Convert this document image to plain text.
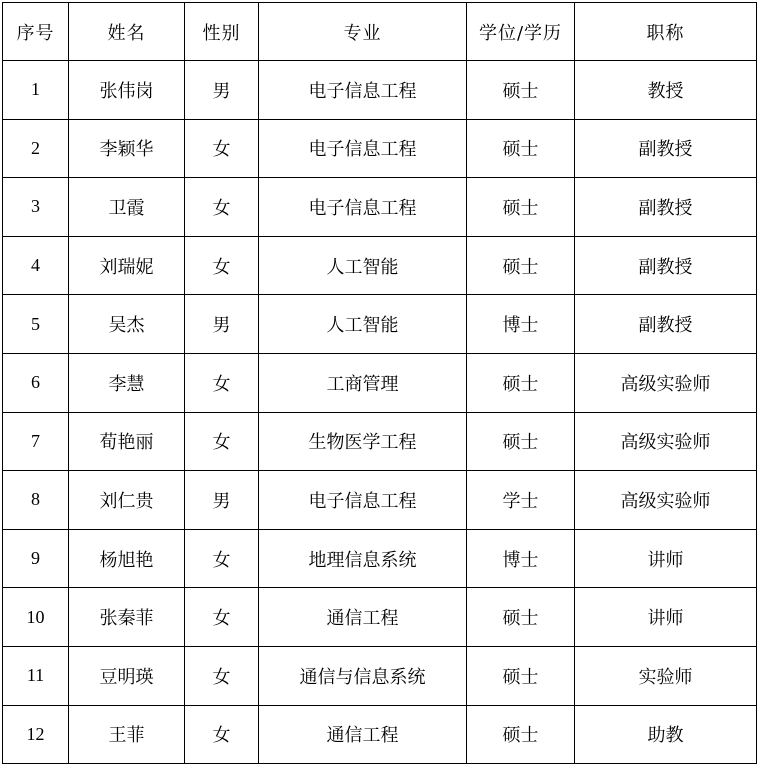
序号	姓名	性别	专业	学位/学历	职称
1	张伟岗	男	电子信息工程	硕士	教授
2	李颖华	女	电子信息工程	硕士	副教授
3	卫霞	女	电子信息工程	硕士	副教授
4	刘瑞妮	女	人工智能	硕士	副教授
5	吴杰	男	人工智能	博士	副教授
6	李慧	女	工商管理	硕士	高级实验师
7	荀艳丽	女	生物医学工程	硕士	高级实验师
8	刘仁贵	男	电子信息工程	学士	高级实验师
9	杨旭艳	女	地理信息系统	博士	讲师
10	张秦菲	女	通信工程	硕士	讲师
11	豆明瑛	女	通信与信息系统	硕士	实验师
12	王菲	女	通信工程	硕士	助教
